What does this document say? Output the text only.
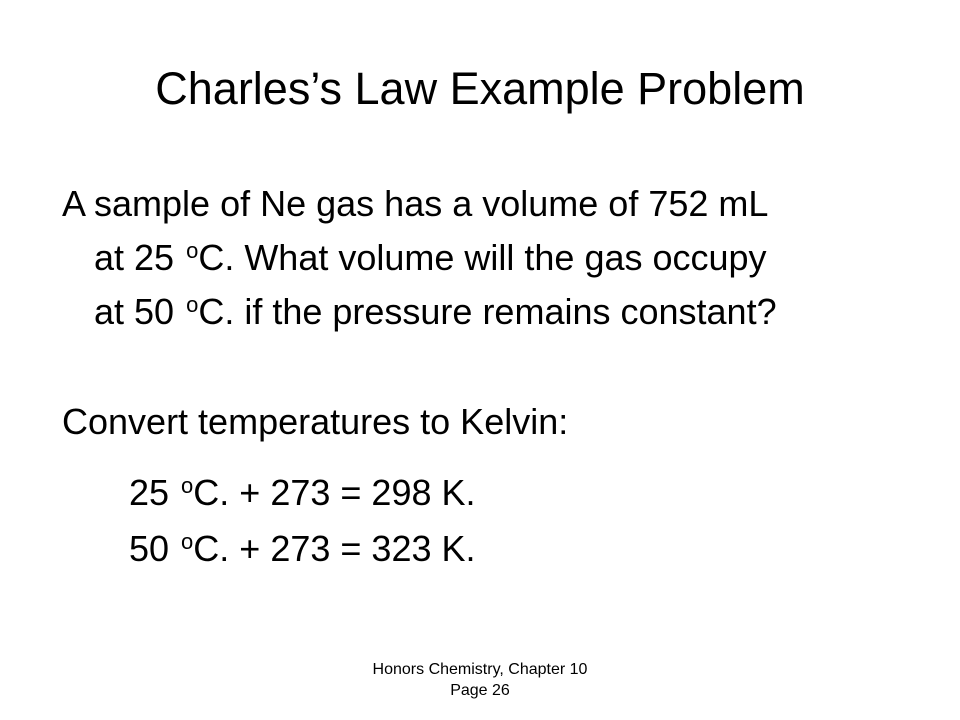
Charles’s Law Example Problem
A sample of Ne gas has a volume of 752 mL
at 25 $^o$C. What volume will the gas occupy
at 50 $^o$C. if the pressure remains constant?
Convert temperatures to Kelvin:
25 $^o$C. + 273 = 298 K.
50 $^o$C. + 273 = 323 K.
Honors Chemistry, Chapter 10
Page 26
